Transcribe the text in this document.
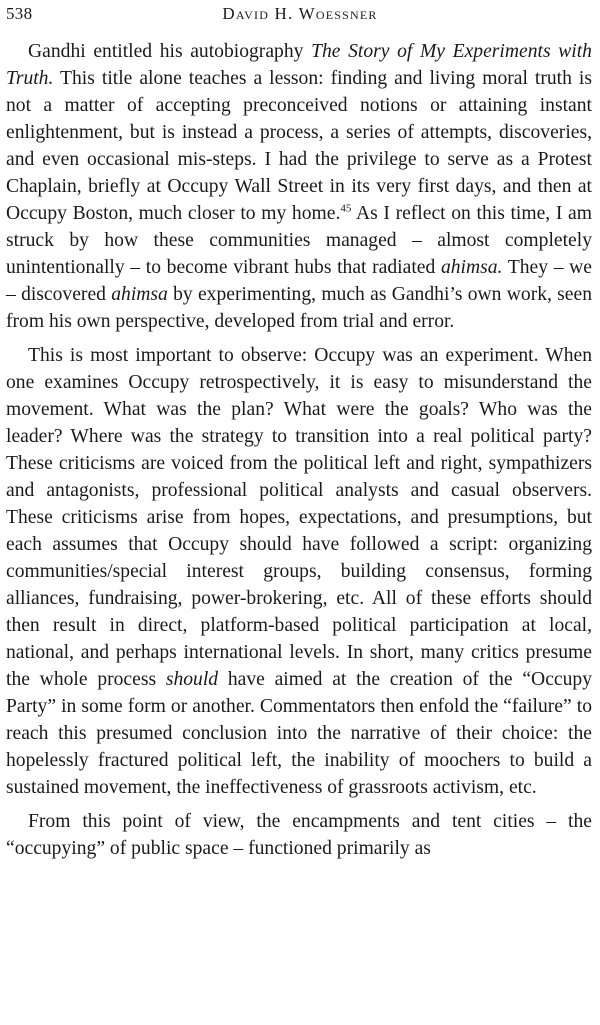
538	David H. Woessner

Gandhi entitled his autobiography The Story of My Experiments with Truth. This title alone teaches a lesson: finding and living moral truth is not a matter of accepting preconceived notions or attaining instant enlightenment, but is instead a process, a series of attempts, discoveries, and even occasional mis-steps. I had the privilege to serve as a Protest Chaplain, briefly at Occupy Wall Street in its very first days, and then at Occupy Boston, much closer to my home.$^{45}$ As I reflect on this time, I am struck by how these communities managed – almost completely unintentionally – to become vibrant hubs that radiated ahimsa. They – we – discovered ahimsa by experimenting, much as Gandhi’s own work, seen from his own perspective, developed from trial and error.

This is most important to observe: Occupy was an experiment. When one examines Occupy retrospectively, it is easy to misunderstand the movement. What was the plan? What were the goals? Who was the leader? Where was the strategy to transition into a real political party? These criticisms are voiced from the political left and right, sympathizers and antagonists, professional political analysts and casual observers. These criticisms arise from hopes, expectations, and presumptions, but each assumes that Occupy should have followed a script: organizing communities/special interest groups, building consensus, forming alliances, fundraising, power-brokering, etc. All of these efforts should then result in direct, platform-based political participation at local, national, and perhaps international levels. In short, many critics presume the whole process should have aimed at the creation of the “Occupy Party” in some form or another. Commentators then enfold the “failure” to reach this presumed conclusion into the narrative of their choice: the hopelessly fractured political left, the inability of moochers to build a sustained movement, the ineffectiveness of grassroots activism, etc.

From this point of view, the encampments and tent cities – the “occupying” of public space – functioned primarily as
